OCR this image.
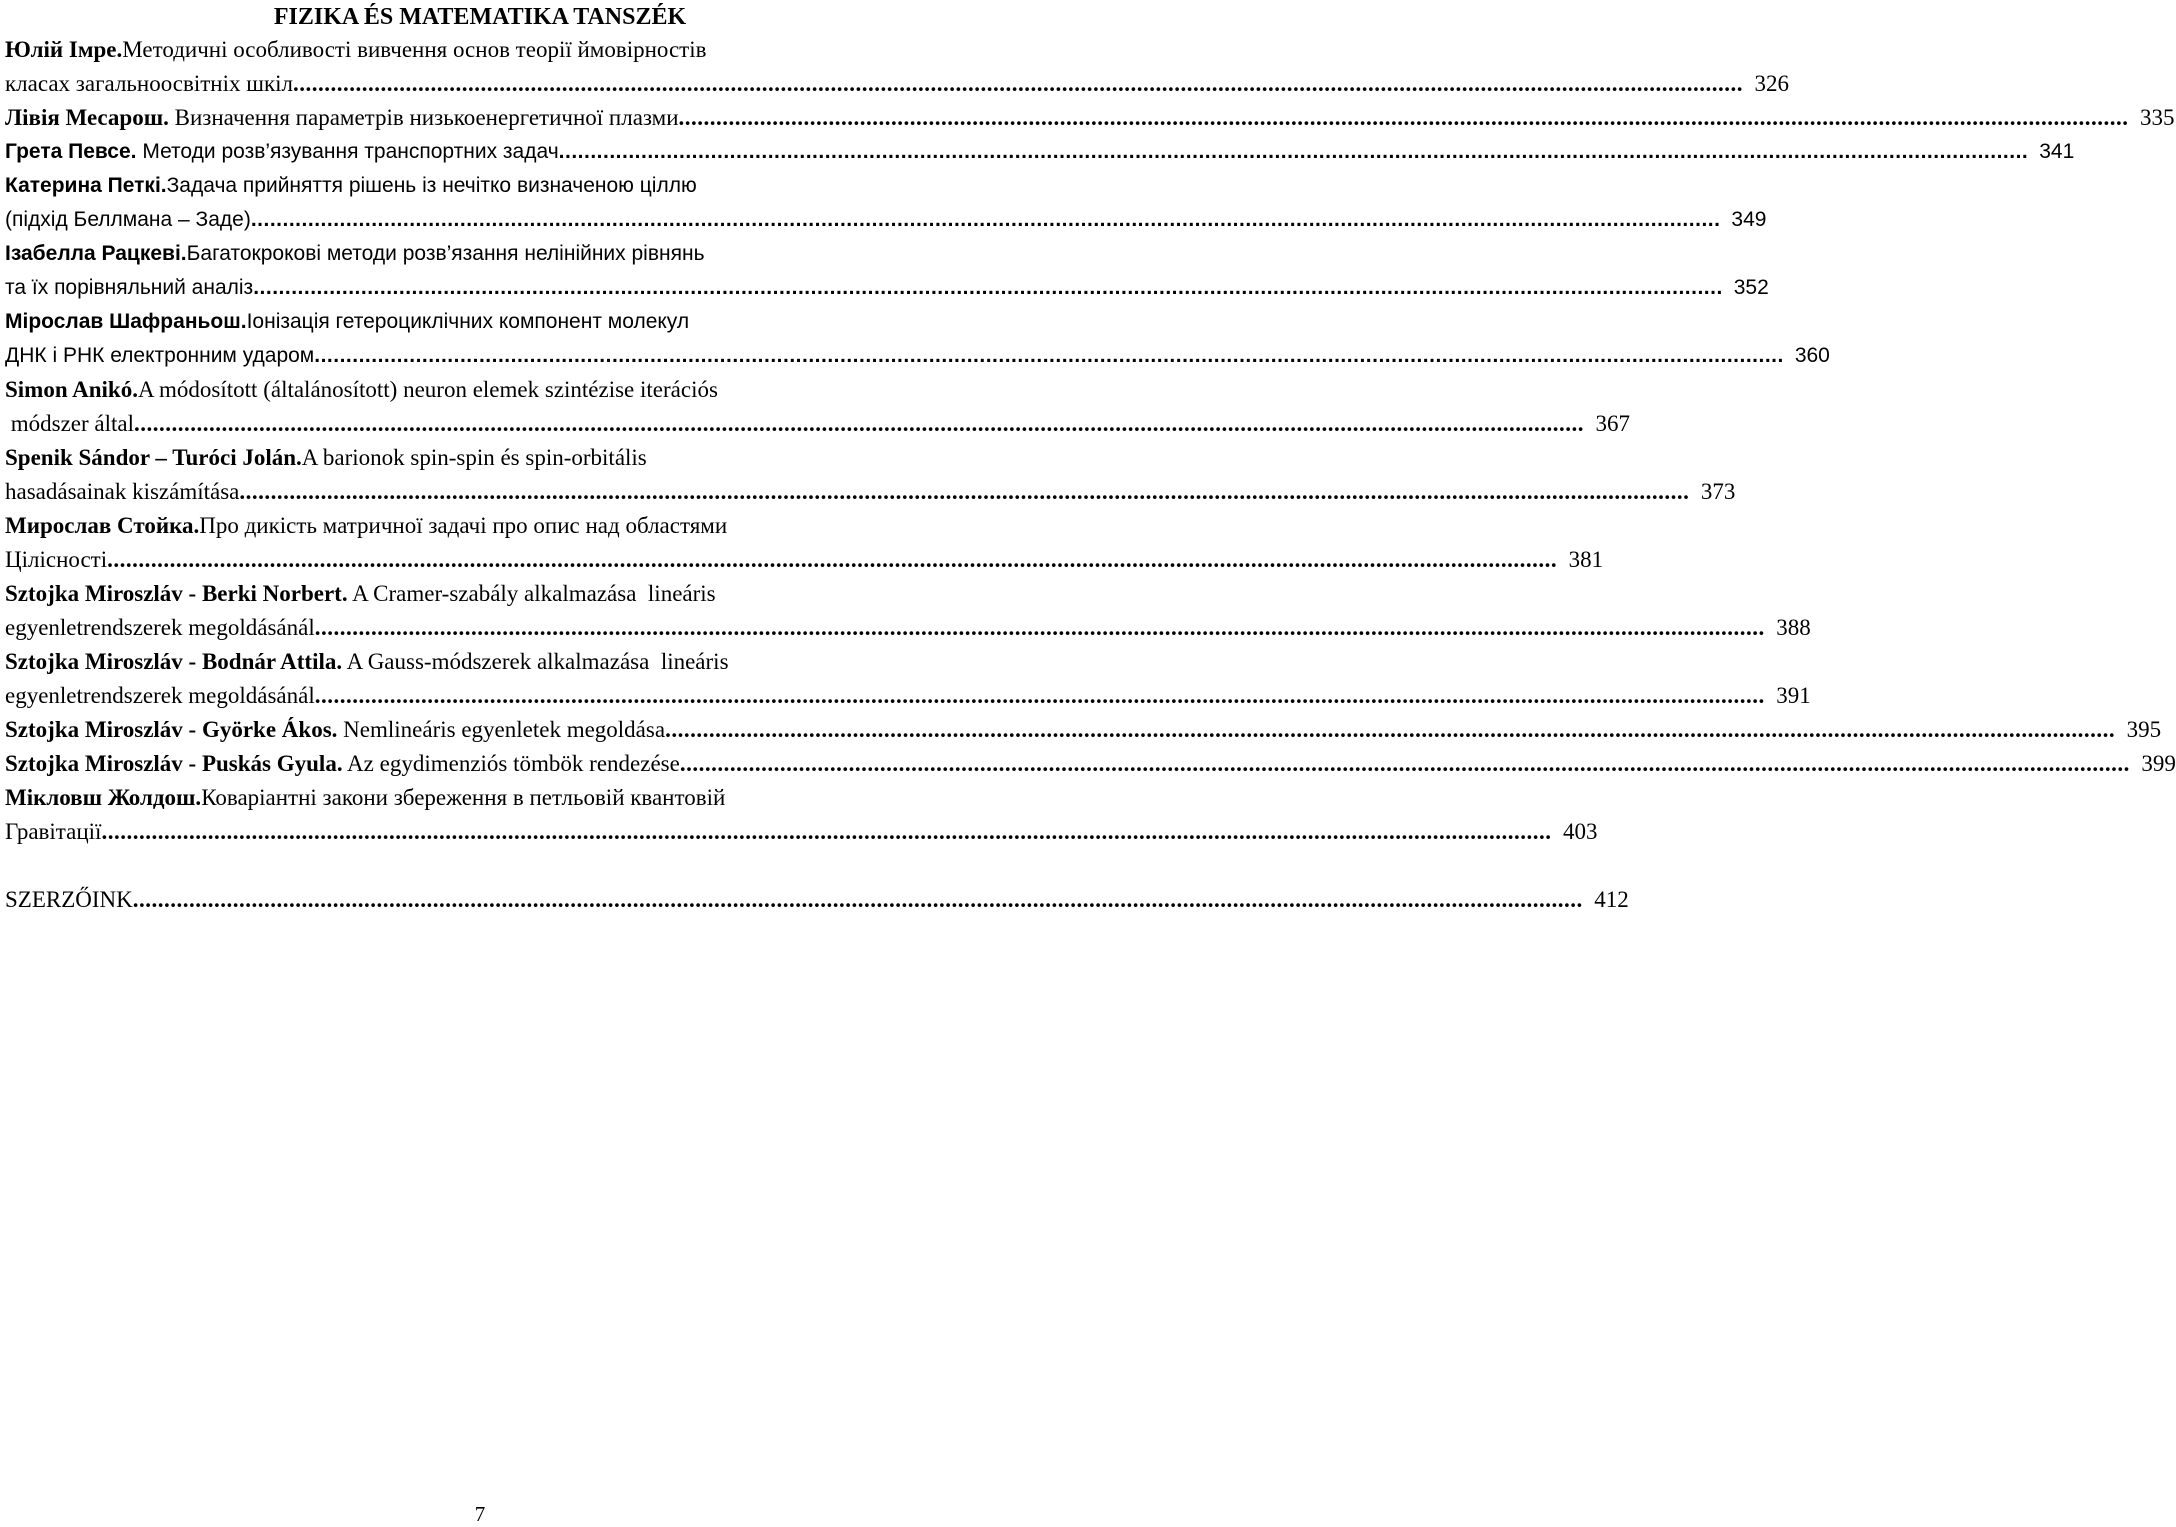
FIZIKA ÉS MATEMATIKA TANSZÉK
Юлій Імре. Методичні особливості вивчення основ теорії ймовірностів
класах загальноосвітніх шкіл .....	326
Лівія Месарош. Визначення параметрів низькоенергетичної плазми .....	335
Грета Певсе. Методи розв’язування транспортних задач .....	341
Катерина Петкі. Задача прийняття рішень із нечітко визначеною ціллю
(підхід Беллмана – Заде) .....	349
Ізабелла Рацкеві. Багатокрокові методи розв’язання нелінійних рівнянь
та їх порівняльний аналіз .....	352
Мірослав Шафраньош. Іонізація гетероциклічних компонент молекул
ДНК і РНК електронним ударом .....	360
Simon Anikó. A módosított (általánosított) neuron elemek szintézise iterációs
módszer által .....	367
Spenik Sándor – Turóci Jolán. A barionok spin-spin és spin-orbitális
hasadásainak kiszámítása .....	373
Мирослав Стойка. Про дикість матричної задачі про опис над областями
Цілісності .....	381
Sztojka Miroszláv - Berki Norbert. A Cramer-szabály alkalmazása  lineáris
egyenletrendszerek megoldásánál .....	388
Sztojka Miroszláv - Bodnár Attila. A Gauss-módszerek alkalmazása  lineáris
egyenletrendszerek megoldásánál .....	391
Sztojka Miroszláv - Györke Ákos. Nemlineáris egyenletek megoldása .....	395
Sztojka Miroszláv - Puskás Gyula. Az egydimenziós tömbök rendezése .....	399
Мікловш Жолдош. Коваріантні закони збереження в петльовій квантовій
Гравітації .....	403
SZERZŐINK .....	412
7
